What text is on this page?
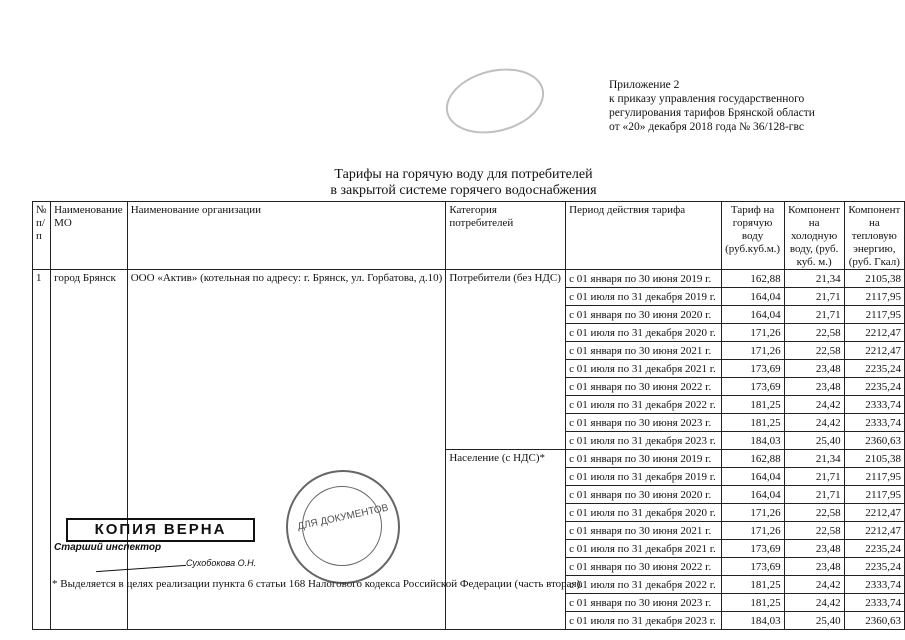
Приложение 2
к приказу управления государственного
регулирования тарифов Брянской области
от «20» декабря 2018 года № 36/128-гвс
Тарифы на горячую воду для потребителей
в закрытой системе горячего водоснабжения
№ п/п	Наименование МО	Наименование организации	Категория потребителей	Период действия тарифа	Тариф на горячую воду (руб.куб.м.)	Компонент на холодную воду, (руб. куб. м.)	Компонент на тепловую энергию, (руб. Гкал)
1	город Брянск	ООО «Актив» (котельная по адресу: г. Брянск, ул. Горбатова, д.10)	Потребители (без НДС)	с 01 января по 30 июня 2019 г.	162,88	21,34	2105,38
				с 01 июля по 31 декабря 2019 г.	164,04	21,71	2117,95
				с 01 января по 30 июня 2020 г.	164,04	21,71	2117,95
				с 01 июля по 31 декабря 2020 г.	171,26	22,58	2212,47
				с 01 января по 30 июня 2021 г.	171,26	22,58	2212,47
				с 01 июля по 31 декабря 2021 г.	173,69	23,48	2235,24
				с 01 января по 30 июня 2022 г.	173,69	23,48	2235,24
				с 01 июля по 31 декабря 2022 г.	181,25	24,42	2333,74
				с 01 января по 30 июня 2023 г.	181,25	24,42	2333,74
				с 01 июля по 31 декабря 2023 г.	184,03	25,40	2360,63
			Население (с НДС)*	с 01 января по 30 июня 2019 г.	162,88	21,34	2105,38
				с 01 июля по 31 декабря 2019 г.	164,04	21,71	2117,95
				с 01 января по 30 июня 2020 г.	164,04	21,71	2117,95
				с 01 июля по 31 декабря 2020 г.	171,26	22,58	2212,47
				с 01 января по 30 июня 2021 г.	171,26	22,58	2212,47
				с 01 июля по 31 декабря 2021 г.	173,69	23,48	2235,24
				с 01 января по 30 июня 2022 г.	173,69	23,48	2235,24
				с 01 июля по 31 декабря 2022 г.	181,25	24,42	2333,74
				с 01 января по 30 июня 2023 г.	181,25	24,42	2333,74
				с 01 июля по 31 декабря 2023 г.	184,03	25,40	2360,63
* Выделяется в целях реализации пункта 6 статьи 168 Налогового кодекса Российской Федерации (часть вторая).
ДЛЯ ДОКУМЕНТОВ
КОПИЯ ВЕРНА
Старший инспектор
Сухобокова О.Н.
